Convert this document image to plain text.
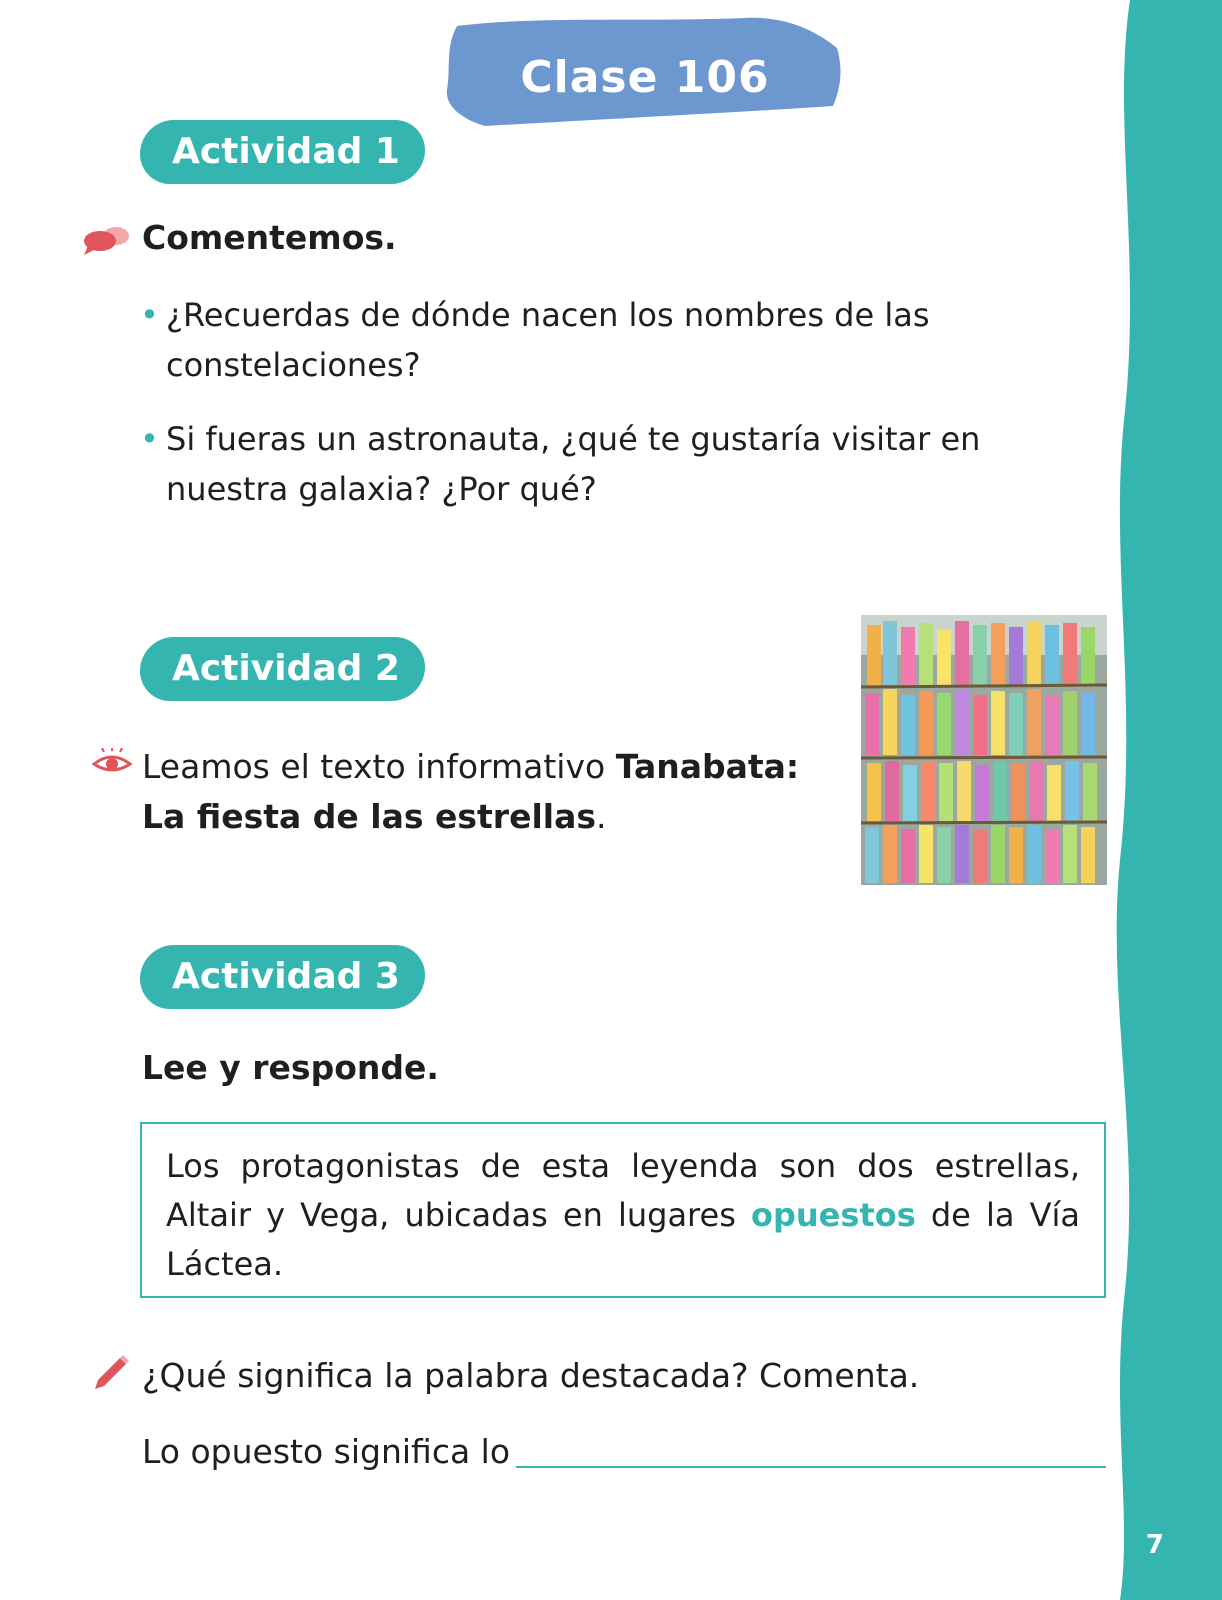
7
Clase 106
Actividad 1
Comentemos.
• ¿Recuerdas de dónde nacen los nombres de las constelaciones?
• Si fueras un astronauta, ¿qué te gustaría visitar en nuestra galaxia? ¿Por qué?
Actividad 2
Leamos el texto informativo Tanabata: La fiesta de las estrellas.
Actividad 3
Lee y responde.
Los protagonistas de esta leyenda son dos estrellas, Altair y Vega, ubicadas en lugares opuestos de la Vía Láctea.
¿Qué significa la palabra destacada? Comenta.
Lo opuesto significa lo
